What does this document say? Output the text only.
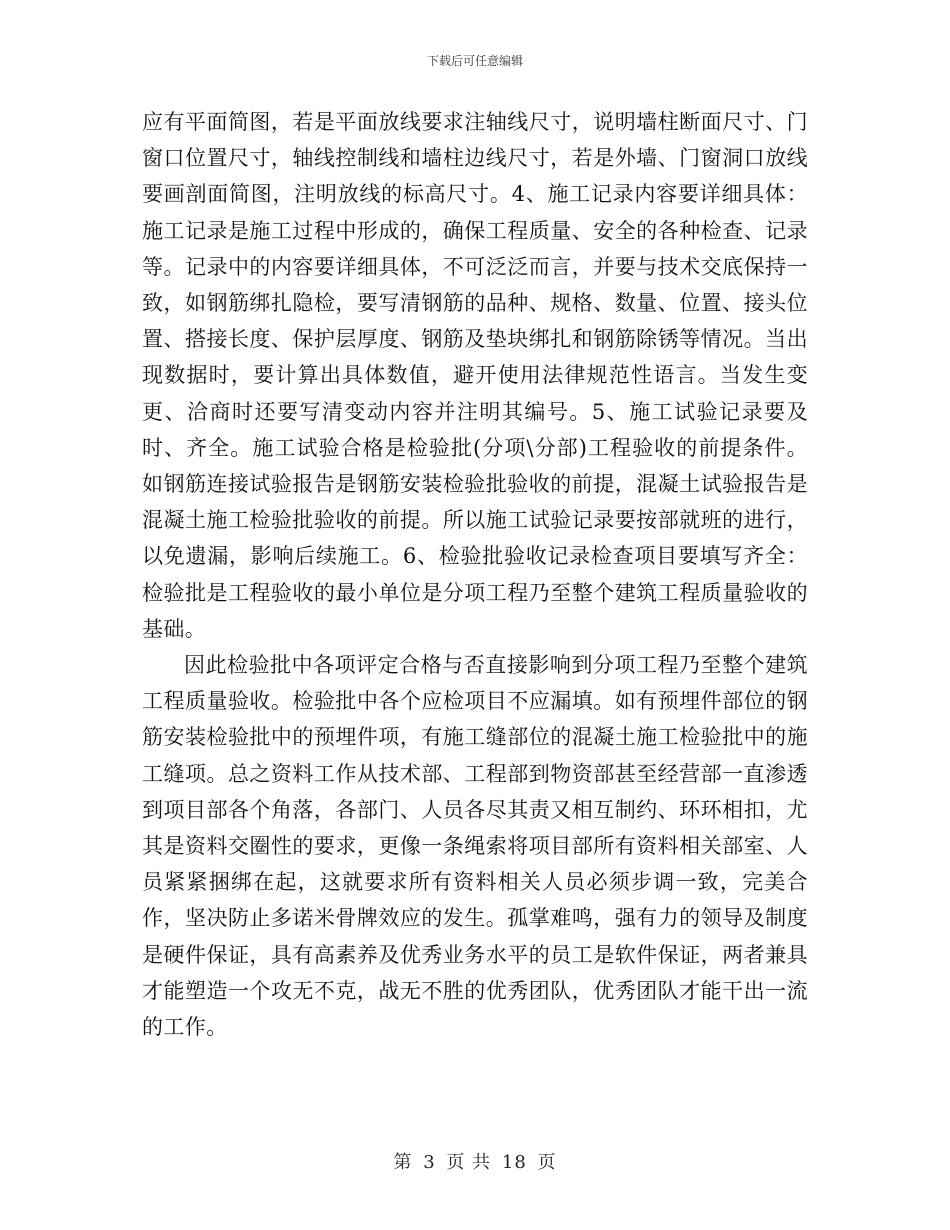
下载后可任意编辑

应有平面简图，若是平面放线要求注轴线尺寸，说明墙柱断面尺寸、门窗口位置尺寸，轴线控制线和墙柱边线尺寸，若是外墙、门窗洞口放线要画剖面简图，注明放线的标高尺寸。4、施工记录内容要详细具体：施工记录是施工过程中形成的，确保工程质量、安全的各种检查、记录等。记录中的内容要详细具体，不可泛泛而言，并要与技术交底保持一致，如钢筋绑扎隐检，要写清钢筋的品种、规格、数量、位置、接头位置、搭接长度、保护层厚度、钢筋及垫块绑扎和钢筋除锈等情况。当出现数据时，要计算出具体数值，避开使用法律规范性语言。当发生变更、洽商时还要写清变动内容并注明其编号。5、施工试验记录要及时、齐全。施工试验合格是检验批(分项\分部)工程验收的前提条件。如钢筋连接试验报告是钢筋安装检验批验收的前提，混凝土试验报告是混凝土施工检验批验收的前提。所以施工试验记录要按部就班的进行，以免遗漏，影响后续施工。6、检验批验收记录检查项目要填写齐全：检验批是工程验收的最小单位是分项工程乃至整个建筑工程质量验收的基础。

因此检验批中各项评定合格与否直接影响到分项工程乃至整个建筑工程质量验收。检验批中各个应检项目不应漏填。如有预埋件部位的钢筋安装检验批中的预埋件项，有施工缝部位的混凝土施工检验批中的施工缝项。总之资料工作从技术部、工程部到物资部甚至经营部一直渗透到项目部各个角落，各部门、人员各尽其责又相互制约、环环相扣，尤其是资料交圈性的要求，更像一条绳索将项目部所有资料相关部室、人员紧紧捆绑在起，这就要求所有资料相关人员必须步调一致，完美合作，坚决防止多诺米骨牌效应的发生。孤掌难鸣，强有力的领导及制度是硬件保证，具有高素养及优秀业务水平的员工是软件保证，两者兼具才能塑造一个攻无不克，战无不胜的优秀团队，优秀团队才能干出一流的工作。

第 3 页 共 18 页
